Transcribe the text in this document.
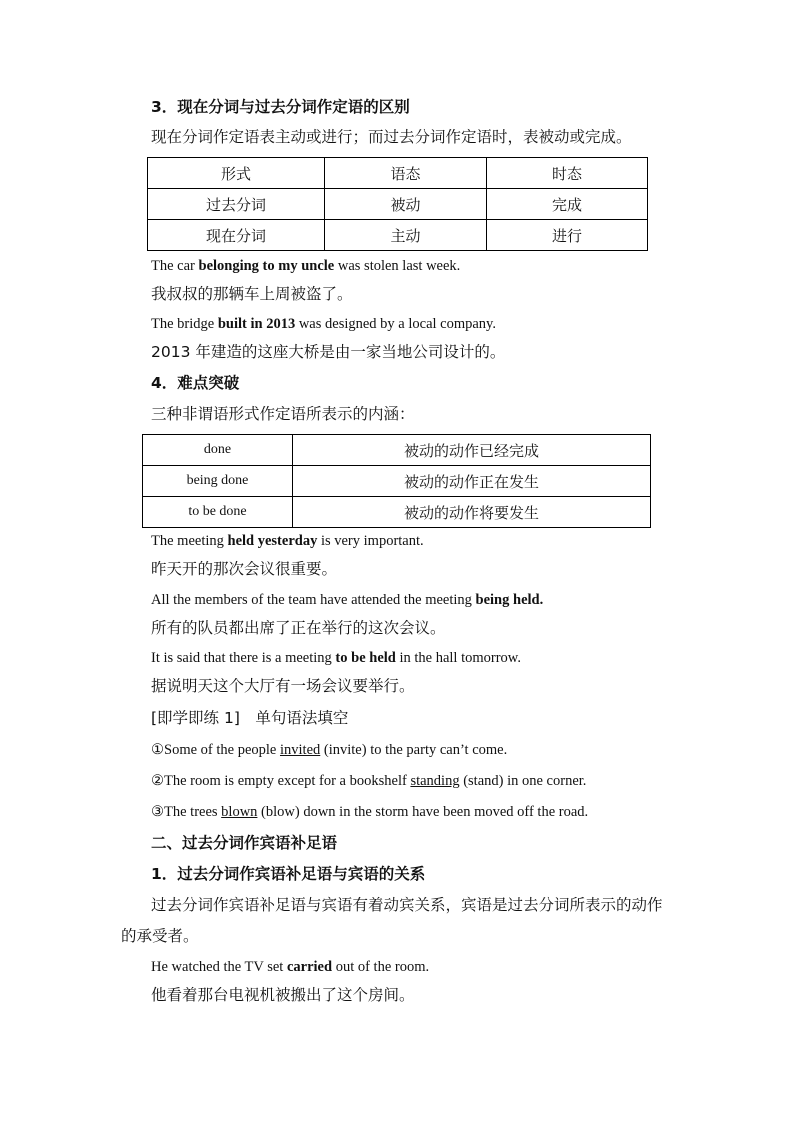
3．现在分词与过去分词作定语的区别
现在分词作定语表主动或进行；而过去分词作定语时，表被动或完成。
形式	语态	时态
过去分词	被动	完成
现在分词	主动	进行
The car belonging to my uncle was stolen last week.
我叔叔的那辆车上周被盗了。
The bridge built in 2013 was designed by a local company.
2013 年建造的这座大桥是由一家当地公司设计的。
4．难点突破
三种非谓语形式作定语所表示的内涵：
done	被动的动作已经完成
being done	被动的动作正在发生
to be done	被动的动作将要发生
The meeting held yesterday is very important.
昨天开的那次会议很重要。
All the members of the team have attended the meeting being held.
所有的队员都出席了正在举行的这次会议。
It is said that there is a meeting to be held in the hall tomorrow.
据说明天这个大厅有一场会议要举行。
[即学即练 1]　单句语法填空
①Some of the people invited (invite) to the party can’t come.
②The room is empty except for a bookshelf standing (stand) in one corner.
③The trees blown (blow) down in the storm have been moved off the road.
二、过去分词作宾语补足语
1．过去分词作宾语补足语与宾语的关系
过去分词作宾语补足语与宾语有着动宾关系，宾语是过去分词所表示的动作
的承受者。
He watched the TV set carried out of the room.
他看着那台电视机被搬出了这个房间。
